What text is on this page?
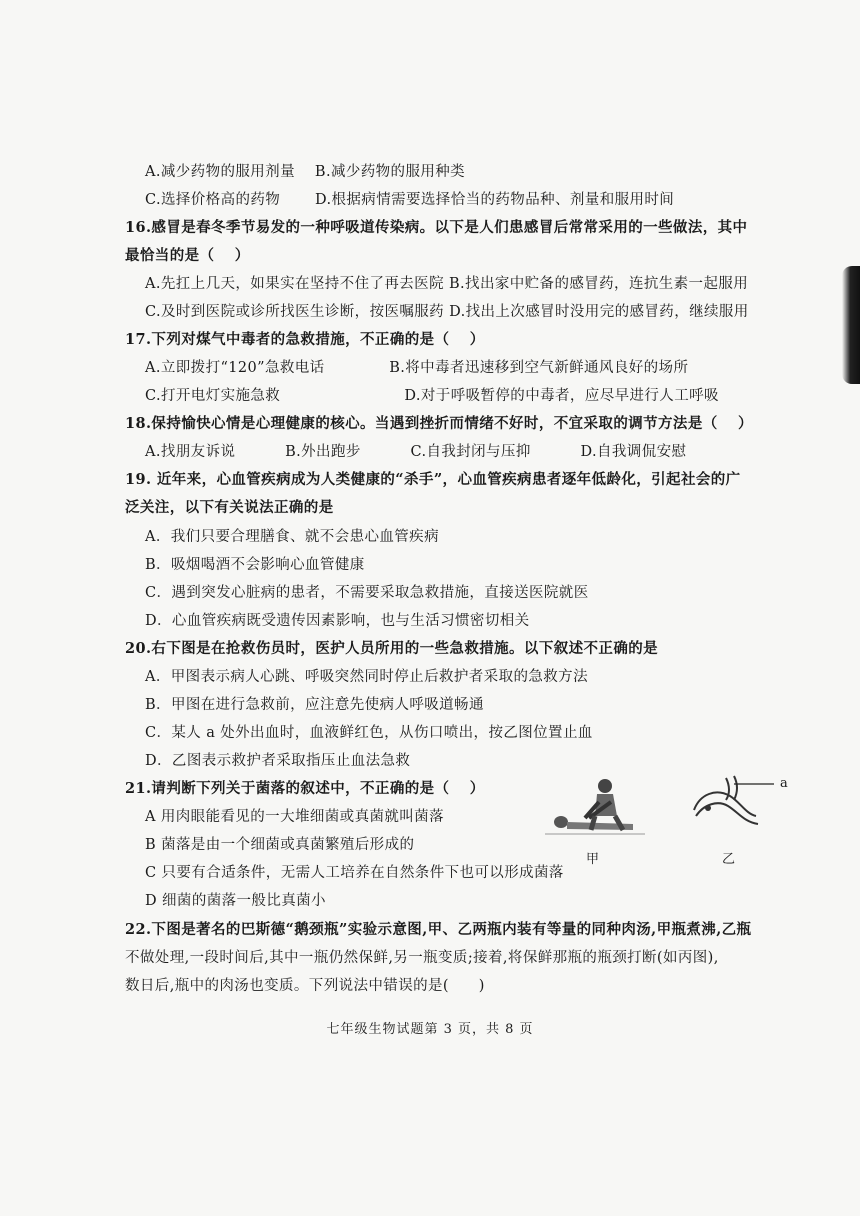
A.减少药物的服用剂量　 B.减少药物的服用种类
C.选择价格高的药物　　 D.根据病情需要选择恰当的药物品种、剂量和服用时间
16.感冒是春冬季节易发的一种呼吸道传染病。以下是人们患感冒后常常采用的一些做法，其中
最恰当的是（　 ）
A.先扛上几天，如果实在坚持不住了再去医院 B.找出家中贮备的感冒药，连抗生素一起服用
C.及时到医院或诊所找医生诊断，按医嘱服药 D.找出上次感冒时没用完的感冒药，继续服用
17.下列对煤气中毒者的急救措施，不正确的是（　 ）
A.立即拨打“120”急救电话　　　　 B.将中毒者迅速移到空气新鲜通风良好的场所
C.打开电灯实施急救　　　　　　　　 D.对于呼吸暂停的中毒者，应尽早进行人工呼吸
18.保持愉快心情是心理健康的核心。当遇到挫折而情绪不好时，不宜采取的调节方法是（　 ）
A.找朋友诉说　　　 B.外出跑步　　　 C.自我封闭与压抑　　　 D.自我调侃安慰
19. 近年来，心血管疾病成为人类健康的“杀手”，心血管疾病患者逐年低龄化，引起社会的广
泛关注，以下有关说法正确的是
A．我们只要合理膳食、就不会患心血管疾病
B．吸烟喝酒不会影响心血管健康
C．遇到突发心脏病的患者，不需要采取急救措施，直接送医院就医
D．心血管疾病既受遗传因素影响，也与生活习惯密切相关
20.右下图是在抢救伤员时，医护人员所用的一些急救措施。以下叙述不正确的是
A．甲图表示病人心跳、呼吸突然同时停止后救护者采取的急救方法
B．甲图在进行急救前，应注意先使病人呼吸道畅通
C．某人 a 处外出血时，血液鲜红色，从伤口喷出，按乙图位置止血
D．乙图表示救护者采取指压止血法急救
21.请判断下列关于菌落的叙述中，不正确的是（　 ）
A 用肉眼能看见的一大堆细菌或真菌就叫菌落
B 菌落是由一个细菌或真菌繁殖后形成的
C 只要有合适条件，无需人工培养在自然条件下也可以形成菌落
D 细菌的菌落一般比真菌小
22.下图是著名的巴斯德“鹅颈瓶”实验示意图,甲、乙两瓶内装有等量的同种肉汤,甲瓶煮沸,乙瓶
不做处理,一段时间后,其中一瓶仍然保鲜,另一瓶变质;接着,将保鲜那瓶的瓶颈打断(如丙图),
数日后,瓶中的肉汤也变质。下列说法中错误的是(　　)
甲
a
乙
七年级生物试题第 3 页，共 8 页
